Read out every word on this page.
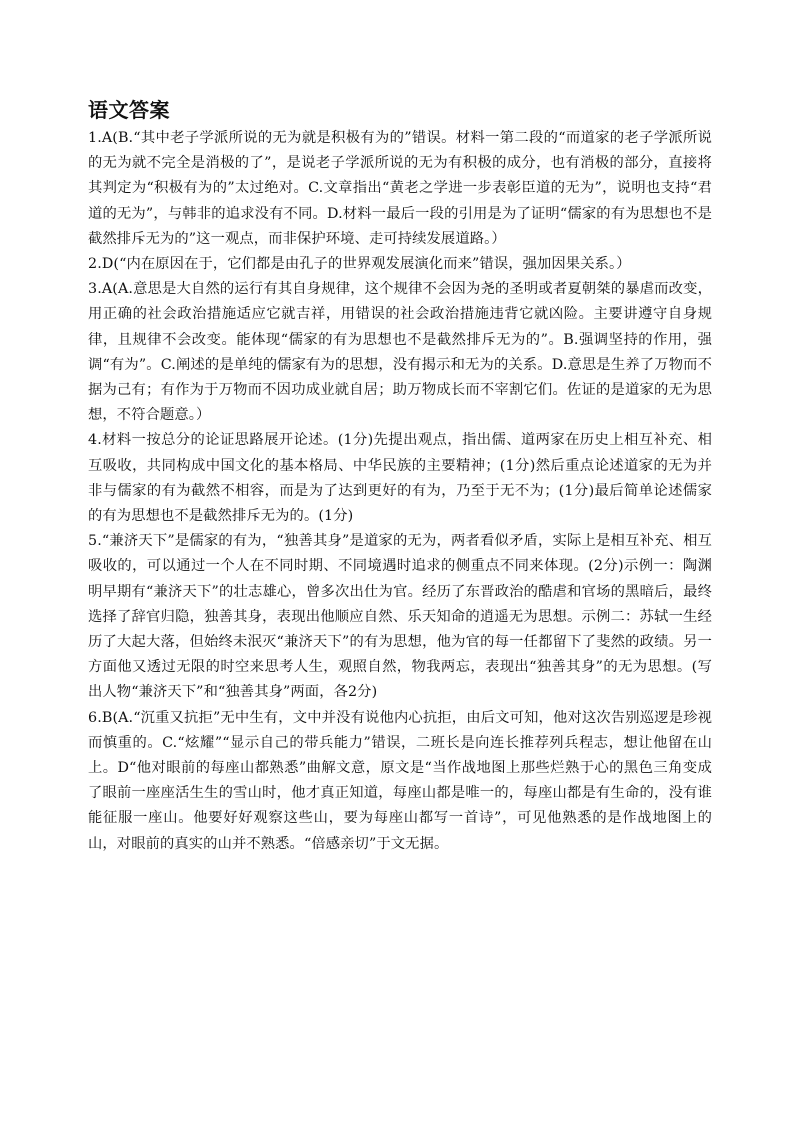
语文答案

1.A(B.“其中老子学派所说的无为就是积极有为的”错误。材料一第二段的“而道家的老子学派所说的无为就不完全是消极的了”，是说老子学派所说的无为有积极的成分，也有消极的部分，直接将其判定为“积极有为的”太过绝对。C.文章指出“黄老之学进一步表彰臣道的无为”，说明也支持“君道的无为”，与韩非的追求没有不同。D.材料一最后一段的引用是为了证明“儒家的有为思想也不是截然排斥无为的”这一观点，而非保护环境、走可持续发展道路。）

2.D(“内在原因在于，它们都是由孔子的世界观发展演化而来”错误，强加因果关系。）

3.A(A.意思是大自然的运行有其自身规律，这个规律不会因为尧的圣明或者夏朝桀的暴虐而改变，用正确的社会政治措施适应它就吉祥，用错误的社会政治措施违背它就凶险。主要讲遵守自身规律，且规律不会改变。能体现“儒家的有为思想也不是截然排斥无为的”。B.强调坚持的作用，强调“有为”。C.阐述的是单纯的儒家有为的思想，没有揭示和无为的关系。D.意思是生养了万物而不据为己有；有作为于万物而不因功成业就自居；助万物成长而不宰割它们。佐证的是道家的无为思想，不符合题意。）

4.材料一按总分的论证思路展开论述。(1分)先提出观点，指出儒、道两家在历史上相互补充、相互吸收，共同构成中国文化的基本格局、中华民族的主要精神；(1分)然后重点论述道家的无为并非与儒家的有为截然不相容，而是为了达到更好的有为，乃至于无不为；(1分)最后简单论述儒家的有为思想也不是截然排斥无为的。(1分)

5.“兼济天下”是儒家的有为，“独善其身”是道家的无为，两者看似矛盾，实际上是相互补充、相互吸收的，可以通过一个人在不同时期、不同境遇时追求的侧重点不同来体现。(2分)示例一：陶渊明早期有“兼济天下”的壮志雄心，曾多次出仕为官。经历了东晋政治的酷虐和官场的黑暗后，最终选择了辞官归隐，独善其身，表现出他顺应自然、乐天知命的逍遥无为思想。示例二：苏轼一生经历了大起大落，但始终未泯灭“兼济天下”的有为思想，他为官的每一任都留下了斐然的政绩。另一方面他又透过无限的时空来思考人生，观照自然，物我两忘，表现出“独善其身”的无为思想。(写出人物“兼济天下”和“独善其身”两面，各2分)

6.B(A.“沉重又抗拒”无中生有，文中并没有说他内心抗拒，由后文可知，他对这次告别巡逻是珍视而慎重的。C.“炫耀”“显示自己的带兵能力”错误，二班长是向连长推荐列兵程志，想让他留在山上。D“他对眼前的每座山都熟悉”曲解文意，原文是“当作战地图上那些烂熟于心的黑色三角变成了眼前一座座活生生的雪山时，他才真正知道，每座山都是唯一的，每座山都是有生命的，没有谁能征服一座山。他要好好观察这些山，要为每座山都写一首诗”，可见他熟悉的是作战地图上的山，对眼前的真实的山并不熟悉。“倍感亲切”于文无据。
